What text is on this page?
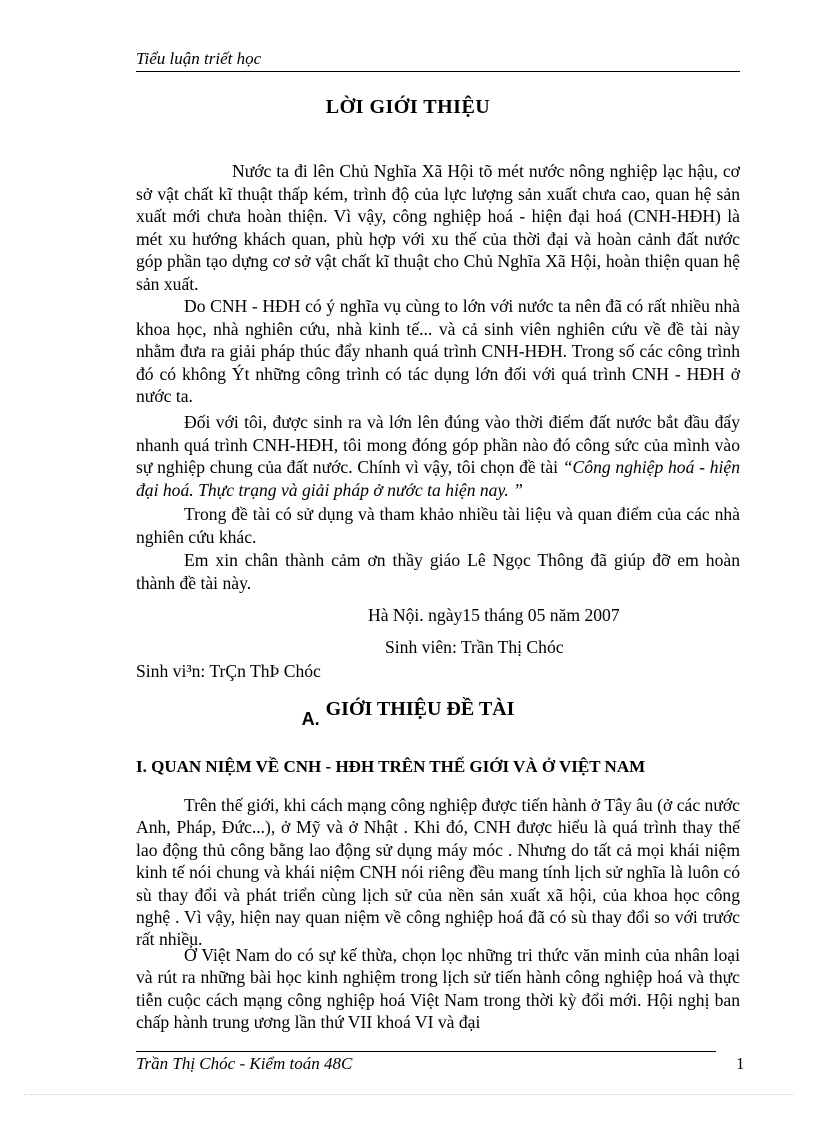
Tiểu luận triết học
LỜI GIỚI THIỆU

Nước ta đi lên Chủ Nghĩa Xã Hội tõ mét nước nông nghiệp lạc hậu, cơ sở vật chất kĩ thuật thấp kém, trình độ của lực lượng sản xuất chưa cao, quan hệ sản xuất mới chưa hoàn thiện. Vì vậy, công nghiệp hoá - hiện đại hoá (CNH-HĐH) là mét xu hướng khách quan, phù hợp với xu thế của thời đại và hoàn cảnh đất nước góp phần tạo dựng cơ sở vật chất kĩ thuật cho Chủ Nghĩa Xã Hội, hoàn thiện quan hệ sản xuất.

Do CNH - HĐH có ý nghĩa vụ cùng to lớn với nước ta nên đã có rất nhiều nhà khoa học, nhà nghiên cứu, nhà kinh tế... và cả sinh viên nghiên cứu về đề tài này nhằm đưa ra giải pháp thúc đẩy nhanh quá trình CNH-HĐH. Trong số các công trình đó có không Ýt những công trình có tác dụng lớn đối với quá trình CNH - HĐH ở nước ta.

Đối với tôi, được sinh ra và lớn lên đúng vào thời điểm đất nước bắt đầu đẩy nhanh quá trình CNH-HĐH, tôi mong đóng góp phần nào đó công sức của mình vào sự nghiệp chung của đất nước. Chính vì vậy, tôi chọn đề tài “Công nghiệp hoá - hiện đại hoá. Thực trạng và giải pháp ở nước ta hiện nay. ”

Trong đề tài có sử dụng và tham khảo nhiều tài liệu và quan điểm của các nhà nghiên cứu khác.

Em xin chân thành cảm ơn thầy giáo Lê Ngọc Thông đã giúp đỡ em hoàn thành đề tài này.

Hà Nội. ngày15 tháng 05 năm 2007
Sinh viên: Trần Thị Chóc
Sinh vi³n: TrÇn ThÞ Chóc
A. GIỚI THIỆU ĐỀ TÀI
I. QUAN NIỆM VỀ CNH - HĐH TRÊN THẾ GIỚI VÀ Ở VIỆT NAM

Trên thế giới, khi cách mạng công nghiệp được tiến hành ở Tây âu (ở các nước Anh, Pháp, Đức...), ở Mỹ và ở Nhật . Khi đó, CNH được hiểu là quá trình thay thế lao động thủ công bằng lao động sử dụng máy móc . Nhưng do tất cả mọi khái niệm kinh tế nói chung và khái niệm CNH nói riêng đều mang tính lịch sử nghĩa là luôn có sù thay đổi và phát triển cùng lịch sử của nền sản xuất xã hội, của khoa học công nghệ . Vì vậy, hiện nay quan niệm về công nghiệp hoá đã có sù thay đổi so với trước rất nhiều.

Ở Việt Nam do có sự kế thừa, chọn lọc những tri thức văn minh của nhân loại và rút ra những bài học kinh nghiệm trong lịch sử tiến hành công nghiệp hoá và thực tiễn cuộc cách mạng công nghiệp hoá Việt Nam trong thời kỳ đổi mới. Hội nghị ban chấp hành trung ương lần thứ VII khoá VI và đại

Trần Thị Chóc - Kiểm toán 48C	1
